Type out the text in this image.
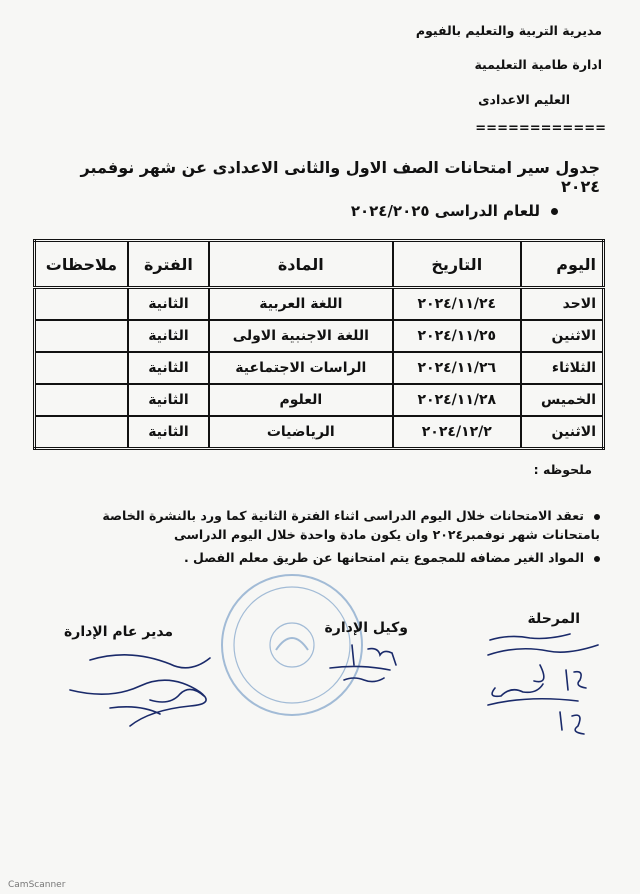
مديرية التربية والتعليم بالفيوم
ادارة طامية التعليمية
العليم الاعدادى
============
جدول سير امتحانات الصف الاول والثانى الاعدادى عن شهر نوفمبر ٢٠٢٤
للعام الدراسى ٢٠٢٤/٢٠٢٥
اليوم	التاريخ	المادة	الفترة	ملاحظات
الاحد	٢٠٢٤/١١/٢٤	اللغة العربية	الثانية	
الاثنين	٢٠٢٤/١١/٢٥	اللغة الاجنبية الاولى	الثانية	
الثلاثاء	٢٠٢٤/١١/٢٦	الراسات الاجتماعية	الثانية	
الخميس	٢٠٢٤/١١/٢٨	العلوم	الثانية	
الاثنين	٢٠٢٤/١٢/٢	الرياضيات	الثانية	
ملحوظه :
تعقد الامتحانات خلال اليوم الدراسى اثناء الفترة الثانية كما ورد بالنشرة الخاصة بامتحانات شهر نوفمبر٢٠٢٤ وان يكون مادة واحدة خلال اليوم الدراسى
المواد الغير مضافه للمجموع يتم امتحانها عن طريق معلم الفصل .
المرحلة
وكيل الإدارة
مدير عام الإدارة
CamScanner
